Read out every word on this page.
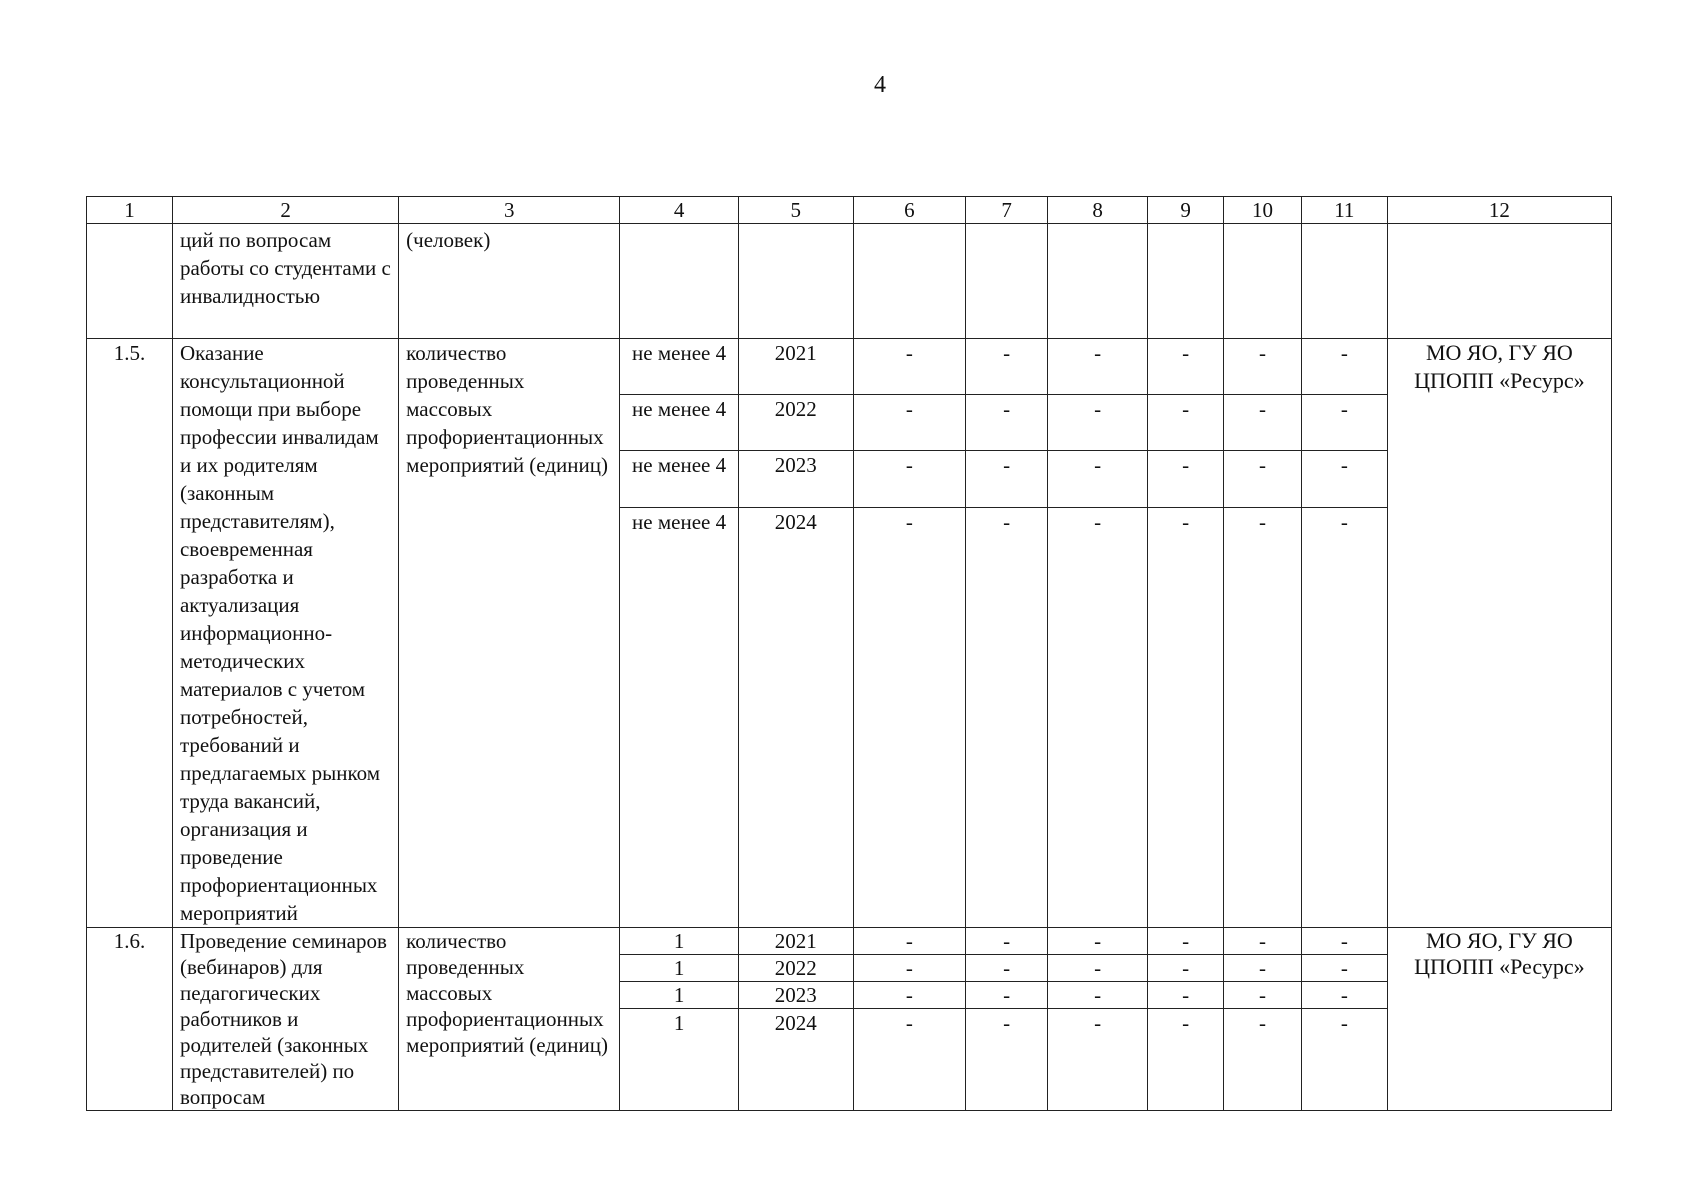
4
1	2	3	4	5	6	7	8	9	10	11	12
	ций по вопросам работы со студентами с инвалидностью	(человек)									
1.5.	Оказание консультационной помощи при выборе профессии инвалидам и их родителям (законным представителям), своевременная разработка и актуализация информационно-методических материалов с учетом потребностей, требований и предлагаемых рынком труда вакансий, организация и проведение профориентационных мероприятий	количество проведенных массовых профориентационных мероприятий (единиц)	не менее 4	2021	-	-	-	-	-	-	МО ЯО, ГУ ЯО ЦПОПП «Ресурс»
			не менее 4	2022	-	-	-	-	-	-	
			не менее 4	2023	-	-	-	-	-	-	
			не менее 4	2024	-	-	-	-	-	-	
1.6.	Проведение семинаров (вебинаров) для педагогических работников и родителей (законных представителей) по вопросам	количество проведенных массовых профориентационных мероприятий (единиц)	1	2021	-	-	-	-	-	-	МО ЯО, ГУ ЯО ЦПОПП «Ресурс»
			1	2022	-	-	-	-	-	-	
			1	2023	-	-	-	-	-	-	
			1	2024	-	-	-	-	-	-	
